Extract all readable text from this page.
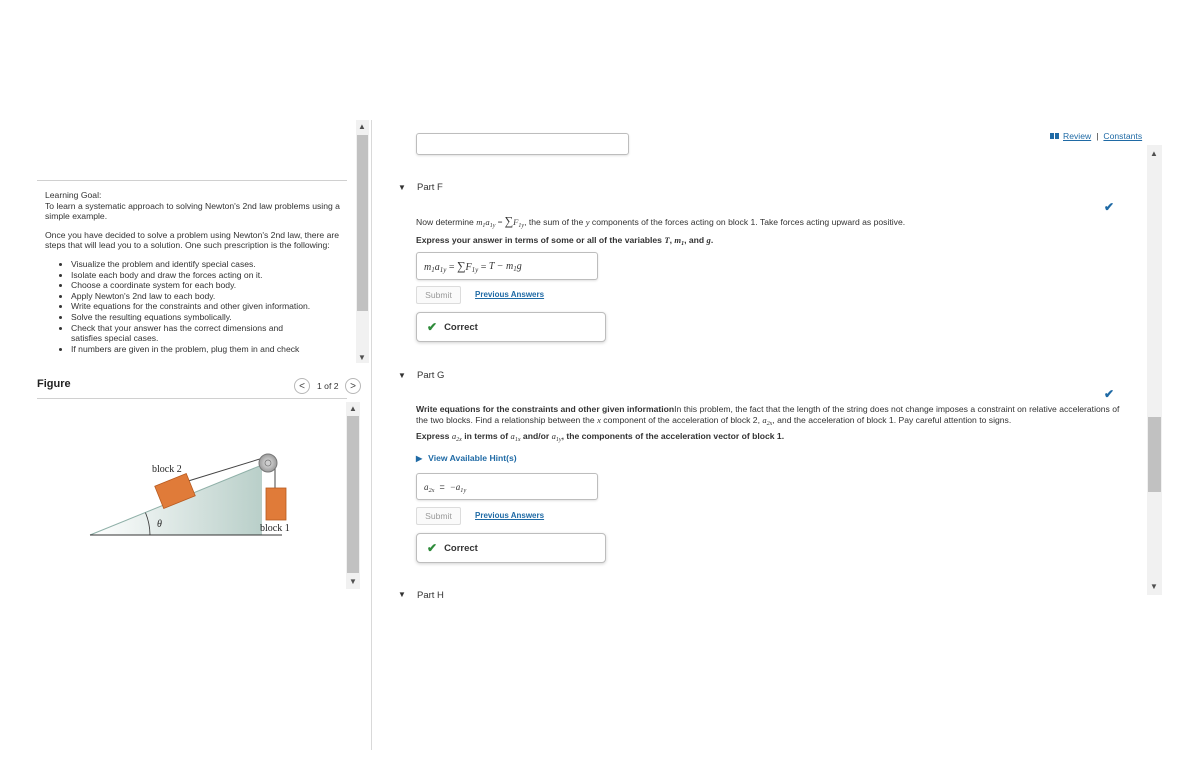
Review | Constants

Learning Goal:

To learn a systematic approach to solving Newton's 2nd law problems using a simple example.

Once you have decided to solve a problem using Newton's 2nd law, there are steps that will lead you to a solution. One such prescription is the following:

• Visualize the problem and identify special cases.
• Isolate each body and draw the forces acting on it.
• Choose a coordinate system for each body.
• Apply Newton's 2nd law to each body.
• Write equations for the constraints and other given information.
• Solve the resulting equations symbolically.
• Check that your answer has the correct dimensions and satisfies special cases.
• If numbers are given in the problem, plug them in and check
▲
▼
Figure	< 1 of 2 >
θ
block 2
block 1
▲
▼
▼ Part F
✔
Now determine $m_1a_{1y} = \sum F_{1y}$, the sum of the y components of the forces acting on block 1. Take forces acting upward as positive.
Express your answer in terms of some or all of the variables T, $m_1$, and g.
$m_1a_{1y} = \sum F_{1y} = T - m_1g$
Submit	Previous Answers
✔ Correct
▼ Part G
✔
Write equations for the constraints and other given informationIn this problem, the fact that the length of the string does not change imposes a constraint on relative accelerations of the two blocks. Find a relationship between the x component of the acceleration of block 2, $a_{2x}$, and the acceleration of block 1. Pay careful attention to signs.
Express $a_{2x}$ in terms of $a_{1x}$ and/or $a_{1y}$, the components of the acceleration vector of block 1.
▶ View Available Hint(s)
$a_{2x} = -a_{1y}$
Submit	Previous Answers
✔ Correct
▼ Part H
▲
▼
